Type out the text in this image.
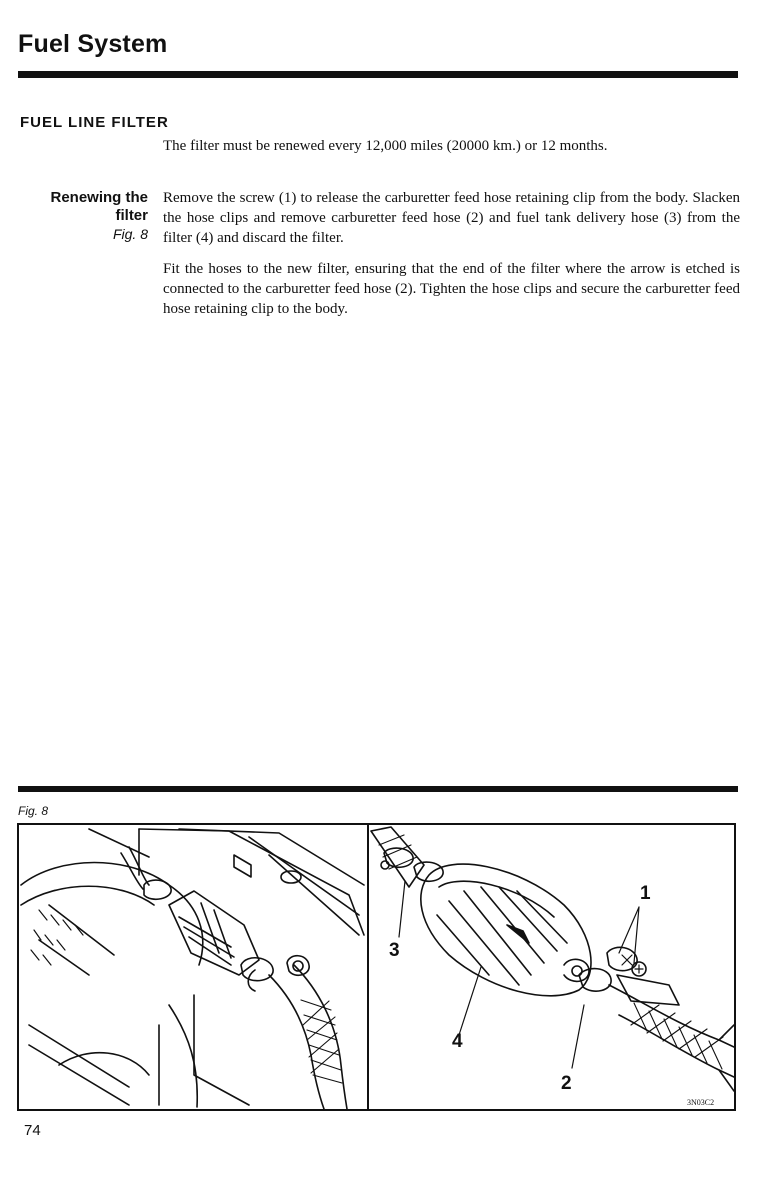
Fuel System
FUEL LINE FILTER

The filter must be renewed every 12,000 miles (20000 km.) or 12 months.

Renewing the
filter
Fig. 8

Remove the screw (1) to release the carburetter feed hose retaining clip from the body. Slacken the hose clips and remove carburetter feed hose (2) and fuel tank delivery hose (3) from the filter (4) and discard the filter.

Fit the hoses to the new filter, ensuring that the end of the filter where the arrow is etched is connected to the carburetter feed hose (2). Tighten the hose clips and secure the carburetter feed hose retaining clip to the body.

Fig. 8
1
2
3
4
3N03C2
74
